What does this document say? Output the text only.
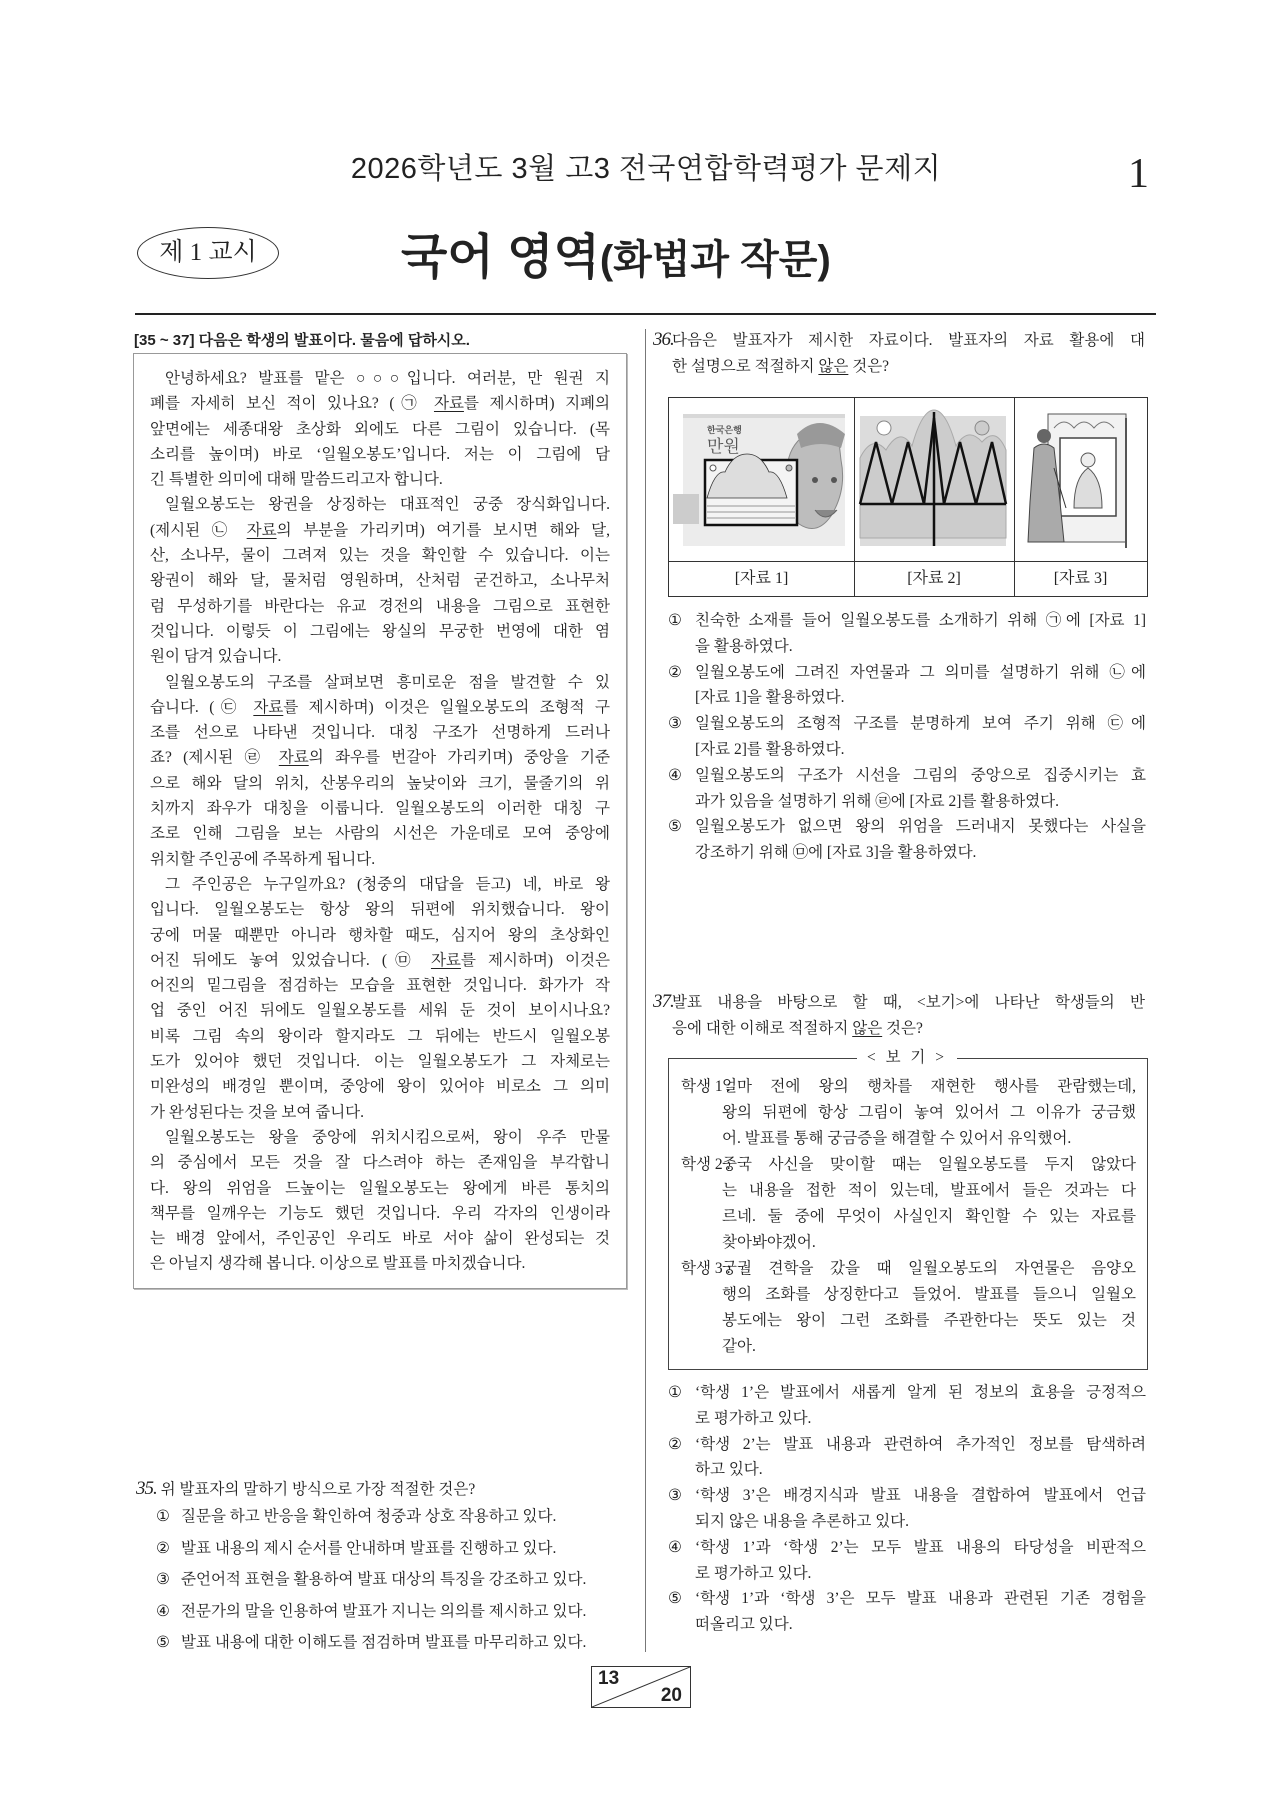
2026학년도 3월 고3 전국연합학력평가 문제지	1
제 1 교시	국어 영역(화법과 작문)
[35 ~ 37] 다음은 학생의 발표이다. 물음에 답하시오.
안녕하세요? 발표를 맡은 ○○○입니다. 여러분, 만 원권 지
폐를 자세히 보신 적이 있나요? (㉠ 자료를 제시하며) 지폐의
앞면에는 세종대왕 초상화 외에도 다른 그림이 있습니다. (목
소리를 높이며) 바로 ‘일월오봉도’입니다. 저는 이 그림에 담
긴 특별한 의미에 대해 말씀드리고자 합니다.
일월오봉도는 왕권을 상징하는 대표적인 궁중 장식화입니다.
(제시된 ㉡ 자료의 부분을 가리키며) 여기를 보시면 해와 달,
산, 소나무, 물이 그려져 있는 것을 확인할 수 있습니다. 이는
왕권이 해와 달, 물처럼 영원하며, 산처럼 굳건하고, 소나무처
럼 무성하기를 바란다는 유교 경전의 내용을 그림으로 표현한
것입니다. 이렇듯 이 그림에는 왕실의 무궁한 번영에 대한 염
원이 담겨 있습니다.
일월오봉도의 구조를 살펴보면 흥미로운 점을 발견할 수 있
습니다. (㉢ 자료를 제시하며) 이것은 일월오봉도의 조형적 구
조를 선으로 나타낸 것입니다. 대칭 구조가 선명하게 드러나
죠? (제시된 ㉣ 자료의 좌우를 번갈아 가리키며) 중앙을 기준
으로 해와 달의 위치, 산봉우리의 높낮이와 크기, 물줄기의 위
치까지 좌우가 대칭을 이룹니다. 일월오봉도의 이러한 대칭 구
조로 인해 그림을 보는 사람의 시선은 가운데로 모여 중앙에
위치할 주인공에 주목하게 됩니다.
그 주인공은 누구일까요? (청중의 대답을 듣고) 네, 바로 왕
입니다. 일월오봉도는 항상 왕의 뒤편에 위치했습니다. 왕이
궁에 머물 때뿐만 아니라 행차할 때도, 심지어 왕의 초상화인
어진 뒤에도 놓여 있었습니다. (㉤ 자료를 제시하며) 이것은
어진의 밑그림을 점검하는 모습을 표현한 것입니다. 화가가 작
업 중인 어진 뒤에도 일월오봉도를 세워 둔 것이 보이시나요?
비록 그림 속의 왕이라 할지라도 그 뒤에는 반드시 일월오봉
도가 있어야 했던 것입니다. 이는 일월오봉도가 그 자체로는
미완성의 배경일 뿐이며, 중앙에 왕이 있어야 비로소 그 의미
가 완성된다는 것을 보여 줍니다.
일월오봉도는 왕을 중앙에 위치시킴으로써, 왕이 우주 만물
의 중심에서 모든 것을 잘 다스려야 하는 존재임을 부각합니
다. 왕의 위엄을 드높이는 일월오봉도는 왕에게 바른 통치의
책무를 일깨우는 기능도 했던 것입니다. 우리 각자의 인생이라
는 배경 앞에서, 주인공인 우리도 바로 서야 삶이 완성되는 것
은 아닐지 생각해 봅니다. 이상으로 발표를 마치겠습니다.
35. 위 발표자의 말하기 방식으로 가장 적절한 것은?
① 질문을 하고 반응을 확인하여 청중과 상호 작용하고 있다.
② 발표 내용의 제시 순서를 안내하며 발표를 진행하고 있다.
③ 준언어적 표현을 활용하여 발표 대상의 특징을 강조하고 있다.
④ 전문가의 말을 인용하여 발표가 지니는 의의를 제시하고 있다.
⑤ 발표 내용에 대한 이해도를 점검하며 발표를 마무리하고 있다.
36.
다음은 발표자가 제시한 자료이다. 발표자의 자료 활용에 대
한 설명으로 적절하지 않은 것은?
한국은행
만원
[자료 1]	[자료 2]	[자료 3]
① 친숙한 소재를 들어 일월오봉도를 소개하기 위해 ㉠에 [자료 1]
을 활용하였다.
② 일월오봉도에 그려진 자연물과 그 의미를 설명하기 위해 ㉡에
[자료 1]을 활용하였다.
③ 일월오봉도의 조형적 구조를 분명하게 보여 주기 위해 ㉢에
[자료 2]를 활용하였다.
④ 일월오봉도의 구조가 시선을 그림의 중앙으로 집중시키는 효
과가 있음을 설명하기 위해 ㉣에 [자료 2]를 활용하였다.
⑤ 일월오봉도가 없으면 왕의 위엄을 드러내지 못했다는 사실을
강조하기 위해 ㉤에 [자료 3]을 활용하였다.
37.
발표 내용을 바탕으로 할 때, <보기>에 나타난 학생들의 반
응에 대한 이해로 적절하지 않은 것은?
< 보 기 >
학생 1 :
얼마 전에 왕의 행차를 재현한 행사를 관람했는데,
왕의 뒤편에 항상 그림이 놓여 있어서 그 이유가 궁금했
어. 발표를 통해 궁금증을 해결할 수 있어서 유익했어.
학생 2 :
중국 사신을 맞이할 때는 일월오봉도를 두지 않았다
는 내용을 접한 적이 있는데, 발표에서 들은 것과는 다
르네. 둘 중에 무엇이 사실인지 확인할 수 있는 자료를
찾아봐야겠어.
학생 3 :
궁궐 견학을 갔을 때 일월오봉도의 자연물은 음양오
행의 조화를 상징한다고 들었어. 발표를 들으니 일월오
봉도에는 왕이 그런 조화를 주관한다는 뜻도 있는 것
같아.
① ‘학생 1’은 발표에서 새롭게 알게 된 정보의 효용을 긍정적으
로 평가하고 있다.
② ‘학생 2’는 발표 내용과 관련하여 추가적인 정보를 탐색하려
하고 있다.
③ ‘학생 3’은 배경지식과 발표 내용을 결합하여 발표에서 언급
되지 않은 내용을 추론하고 있다.
④ ‘학생 1’과 ‘학생 2’는 모두 발표 내용의 타당성을 비판적으
로 평가하고 있다.
⑤ ‘학생 1’과 ‘학생 3’은 모두 발표 내용과 관련된 기존 경험을
떠올리고 있다.
13
20
